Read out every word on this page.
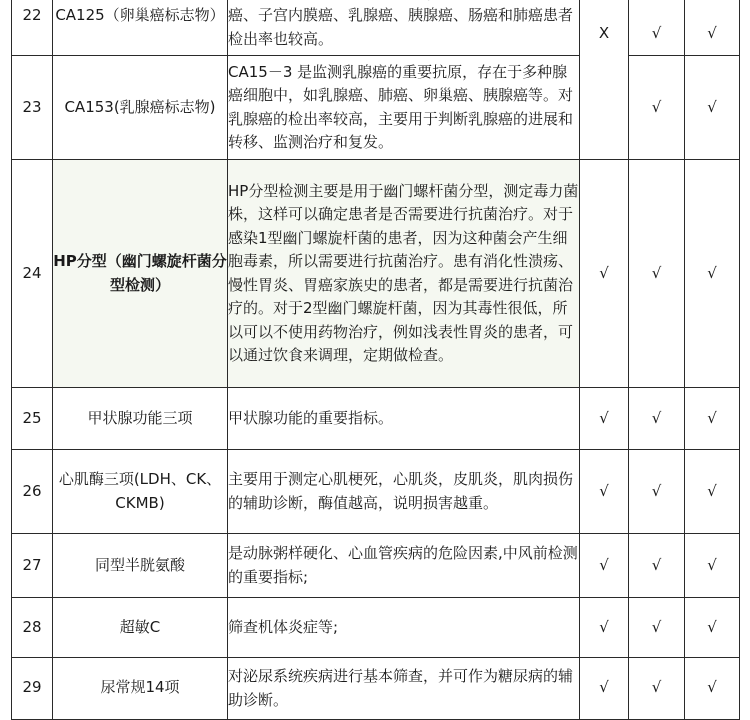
22	CA125（卵巢癌标志物）	癌、子宫内膜癌、乳腺癌、胰腺癌、肠癌和肺癌患者检出率也较高。	X	√	√
23	CA153(乳腺癌标志物)	CA15－3 是监测乳腺癌的重要抗原，存在于多种腺癌细胞中，如乳腺癌、肺癌、卵巢癌、胰腺癌等。对乳腺癌的检出率较高，主要用于判断乳腺癌的进展和转移、监测治疗和复发。		√	√
24	HP分型（幽门螺旋杆菌分型检测）	HP分型检测主要是用于幽门螺杆菌分型，测定毒力菌株，这样可以确定患者是否需要进行抗菌治疗。对于感染1型幽门螺旋杆菌的患者，因为这种菌会产生细胞毒素，所以需要进行抗菌治疗。患有消化性溃疡、慢性胃炎、胃癌家族史的患者，都是需要进行抗菌治疗的。对于2型幽门螺旋杆菌，因为其毒性很低，所以可以不使用药物治疗，例如浅表性胃炎的患者，可以通过饮食来调理，定期做检查。	√	√	√
25	甲状腺功能三项	甲状腺功能的重要指标。	√	√	√
26	心肌酶三项(LDH、CK、CKMB)	主要用于测定心肌梗死，心肌炎，皮肌炎，肌肉损伤的辅助诊断，酶值越高，说明损害越重。	√	√	√
27	同型半胱氨酸	是动脉粥样硬化、心血管疾病的危险因素,中风前检测的重要指标;	√	√	√
28	超敏C	筛查机体炎症等;	√	√	√
29	尿常规14项	对泌尿系统疾病进行基本筛查，并可作为糖尿病的辅助诊断。	√	√	√
